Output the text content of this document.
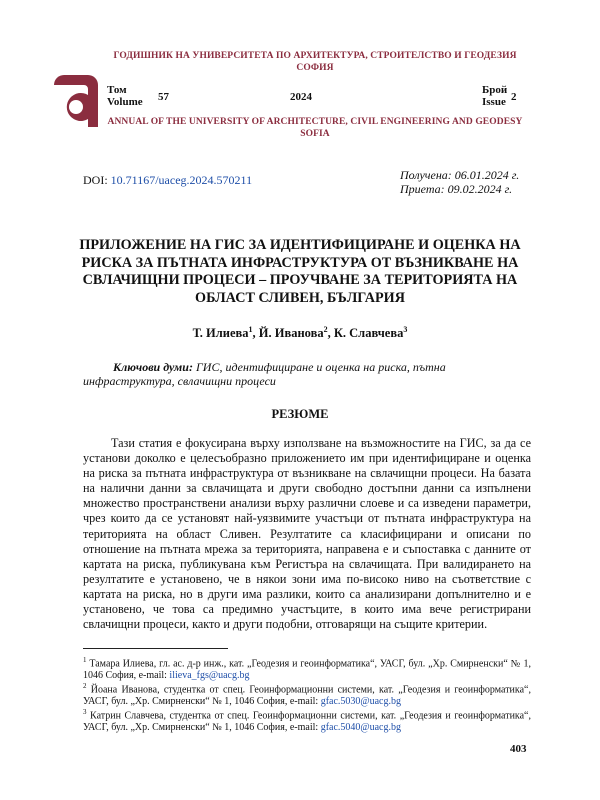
ГОДИШНИК НА УНИВЕРСИТЕТА ПО АРХИТЕКТУРА, СТРОИТЕЛСТВО И ГЕОДЕЗИЯ СОФИЯ
Том
Volume 57	2024
Брой
Issue 2
ANNUAL OF THE UNIVERSITY OF ARCHITECTURE, CIVIL ENGINEERING AND GEODESY SOFIA
DOI: 10.71167/uaceg.2024.570211	Получена: 06.01.2024 г.
Приета: 09.02.2024 г.
ПРИЛОЖЕНИЕ НА ГИС ЗА ИДЕНТИФИЦИРАНЕ И ОЦЕНКА НА РИСКА ЗА ПЪТНАТА ИНФРАСТРУКТУРА ОТ ВЪЗНИКВАНЕ НА СВЛАЧИЩНИ ПРОЦЕСИ – ПРОУЧВАНЕ ЗА ТЕРИТОРИЯТА НА ОБЛАСТ СЛИВЕН, БЪЛГАРИЯ
Т. Илиева$^1$, Й. Иванова$^2$, К. Славчева$^3$
Ключови думи: ГИС, идентифициране и оценка на риска, пътна инфраструктура, свлачищни процеси
РЕЗЮМЕ
Тази статия е фокусирана върху използване на възможностите на ГИС, за да се установи доколко е целесъобразно приложението им при идентифициране и оценка на риска за пътната инфраструктура от възникване на свлачищни процеси. На базата на налични данни за свлачищата и други свободно достъпни данни са изпълнени множество пространствени анализи върху различни слоеве и са изведени параметри, чрез които да се установят най-уязвимите участъци от пътната инфраструктура на територията на област Сливен. Резултатите са класифицирани и описани по отношение на пътната мрежа за територията, направена е и съпоставка с данните от картата на риска, публикувана към Регистъра на свлачищата. При валидирането на резултатите е установено, че в някои зони има по-високо ниво на съответствие с картата на риска, но в други има разлики, които са анализирани допълнително и е установено, че това са предимно участъците, в които има вече регистрирани свлачищни процеси, както и други подобни, отговарящи на същите критерии.
$^1$ Тамара Илиева, гл. ас. д-р инж., кат. „Геодезия и геоинформатика“, УАСГ, бул. „Хр. Смирненски“ № 1, 1046 София, e-mail: ilieva_fgs@uacg.bg
$^2$ Йоана Иванова, студентка от спец. Геоинформационни системи, кат. „Геодезия и геоинформатика“, УАСГ, бул. „Хр. Смирненски“ № 1, 1046 София, e-mail: gfac.5030@uacg.bg
$^3$ Катрин Славчева, студентка от спец. Геоинформационни системи, кат. „Геодезия и геоинформатика“, УАСГ, бул. „Хр. Смирненски“ № 1, 1046 София, e-mail: gfac.5040@uacg.bg
403
